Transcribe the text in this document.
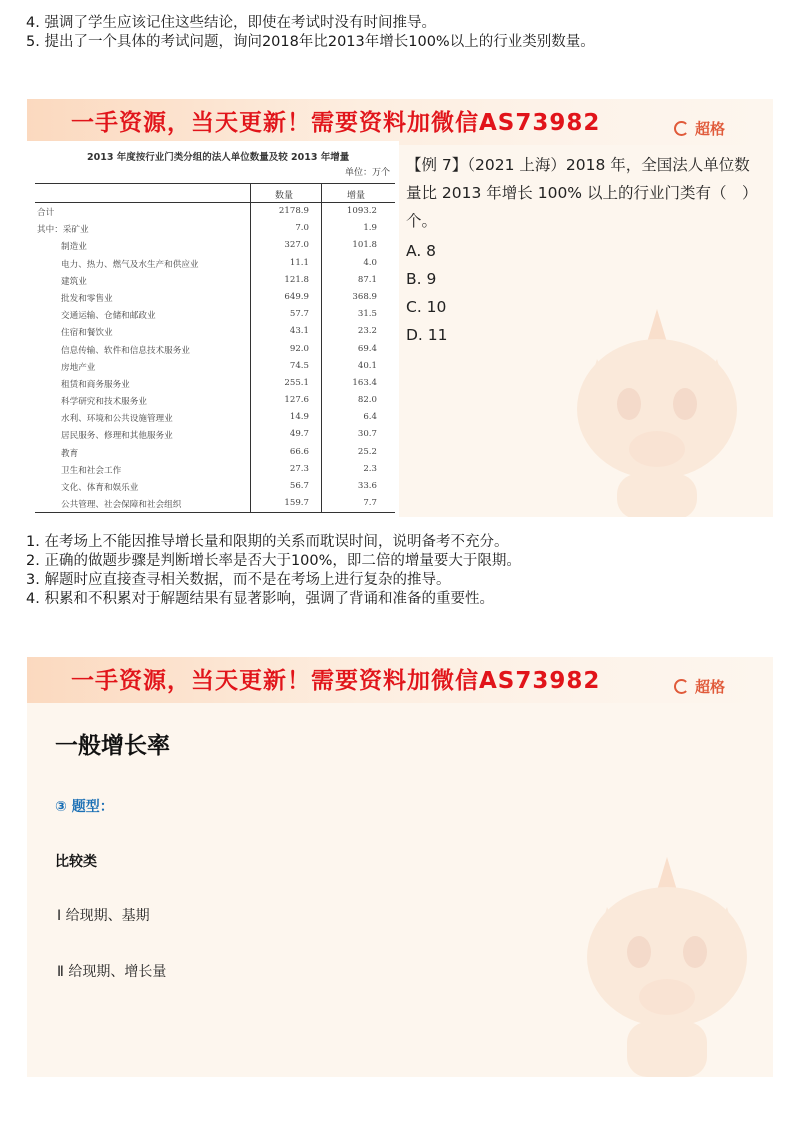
4. 强调了学生应该记住这些结论，即使在考试时没有时间推导。

5. 提出了一个具体的考试问题，询问2018年比2013年增长100%以上的行业类别数量。

一手资源，当天更新！需要资料加微信AS73982	超格
2013 年度按行业门类分组的法人单位数量及较 2013 年增量
单位：万个
数量	增量
合计	2178.9	1093.2
其中：采矿业	7.0	1.9
制造业	327.0	101.8
电力、热力、燃气及水生产和供应业	11.1	4.0
建筑业	121.8	87.1
批发和零售业	649.9	368.9
交通运输、仓储和邮政业	57.7	31.5
住宿和餐饮业	43.1	23.2
信息传输、软件和信息技术服务业	92.0	69.4
房地产业	74.5	40.1
租赁和商务服务业	255.1	163.4
科学研究和技术服务业	127.6	82.0
水利、环境和公共设施管理业	14.9	6.4
居民服务、修理和其他服务业	49.7	30.7
教育	66.6	25.2
卫生和社会工作	27.3	2.3
文化、体育和娱乐业	56.7	33.6
公共管理、社会保障和社会组织	159.7	7.7
【例 7】（2021 上海）2018 年，全国法人单位数量比 2013 年增长 100% 以上的行业门类有（　）个。
A. 8
B. 9
C. 10
D. 11

1. 在考场上不能因推导增长量和限期的关系而耽误时间，说明备考不充分。

2. 正确的做题步骤是判断增长率是否大于100%，即二倍的增量要大于限期。

3. 解题时应直接查寻相关数据，而不是在考场上进行复杂的推导。

4. 积累和不积累对于解题结果有显著影响，强调了背诵和准备的重要性。

一手资源，当天更新！需要资料加微信AS73982	超格
一般增长率
③ 题型：
比较类
Ⅰ 给现期、基期
Ⅱ 给现期、增长量
